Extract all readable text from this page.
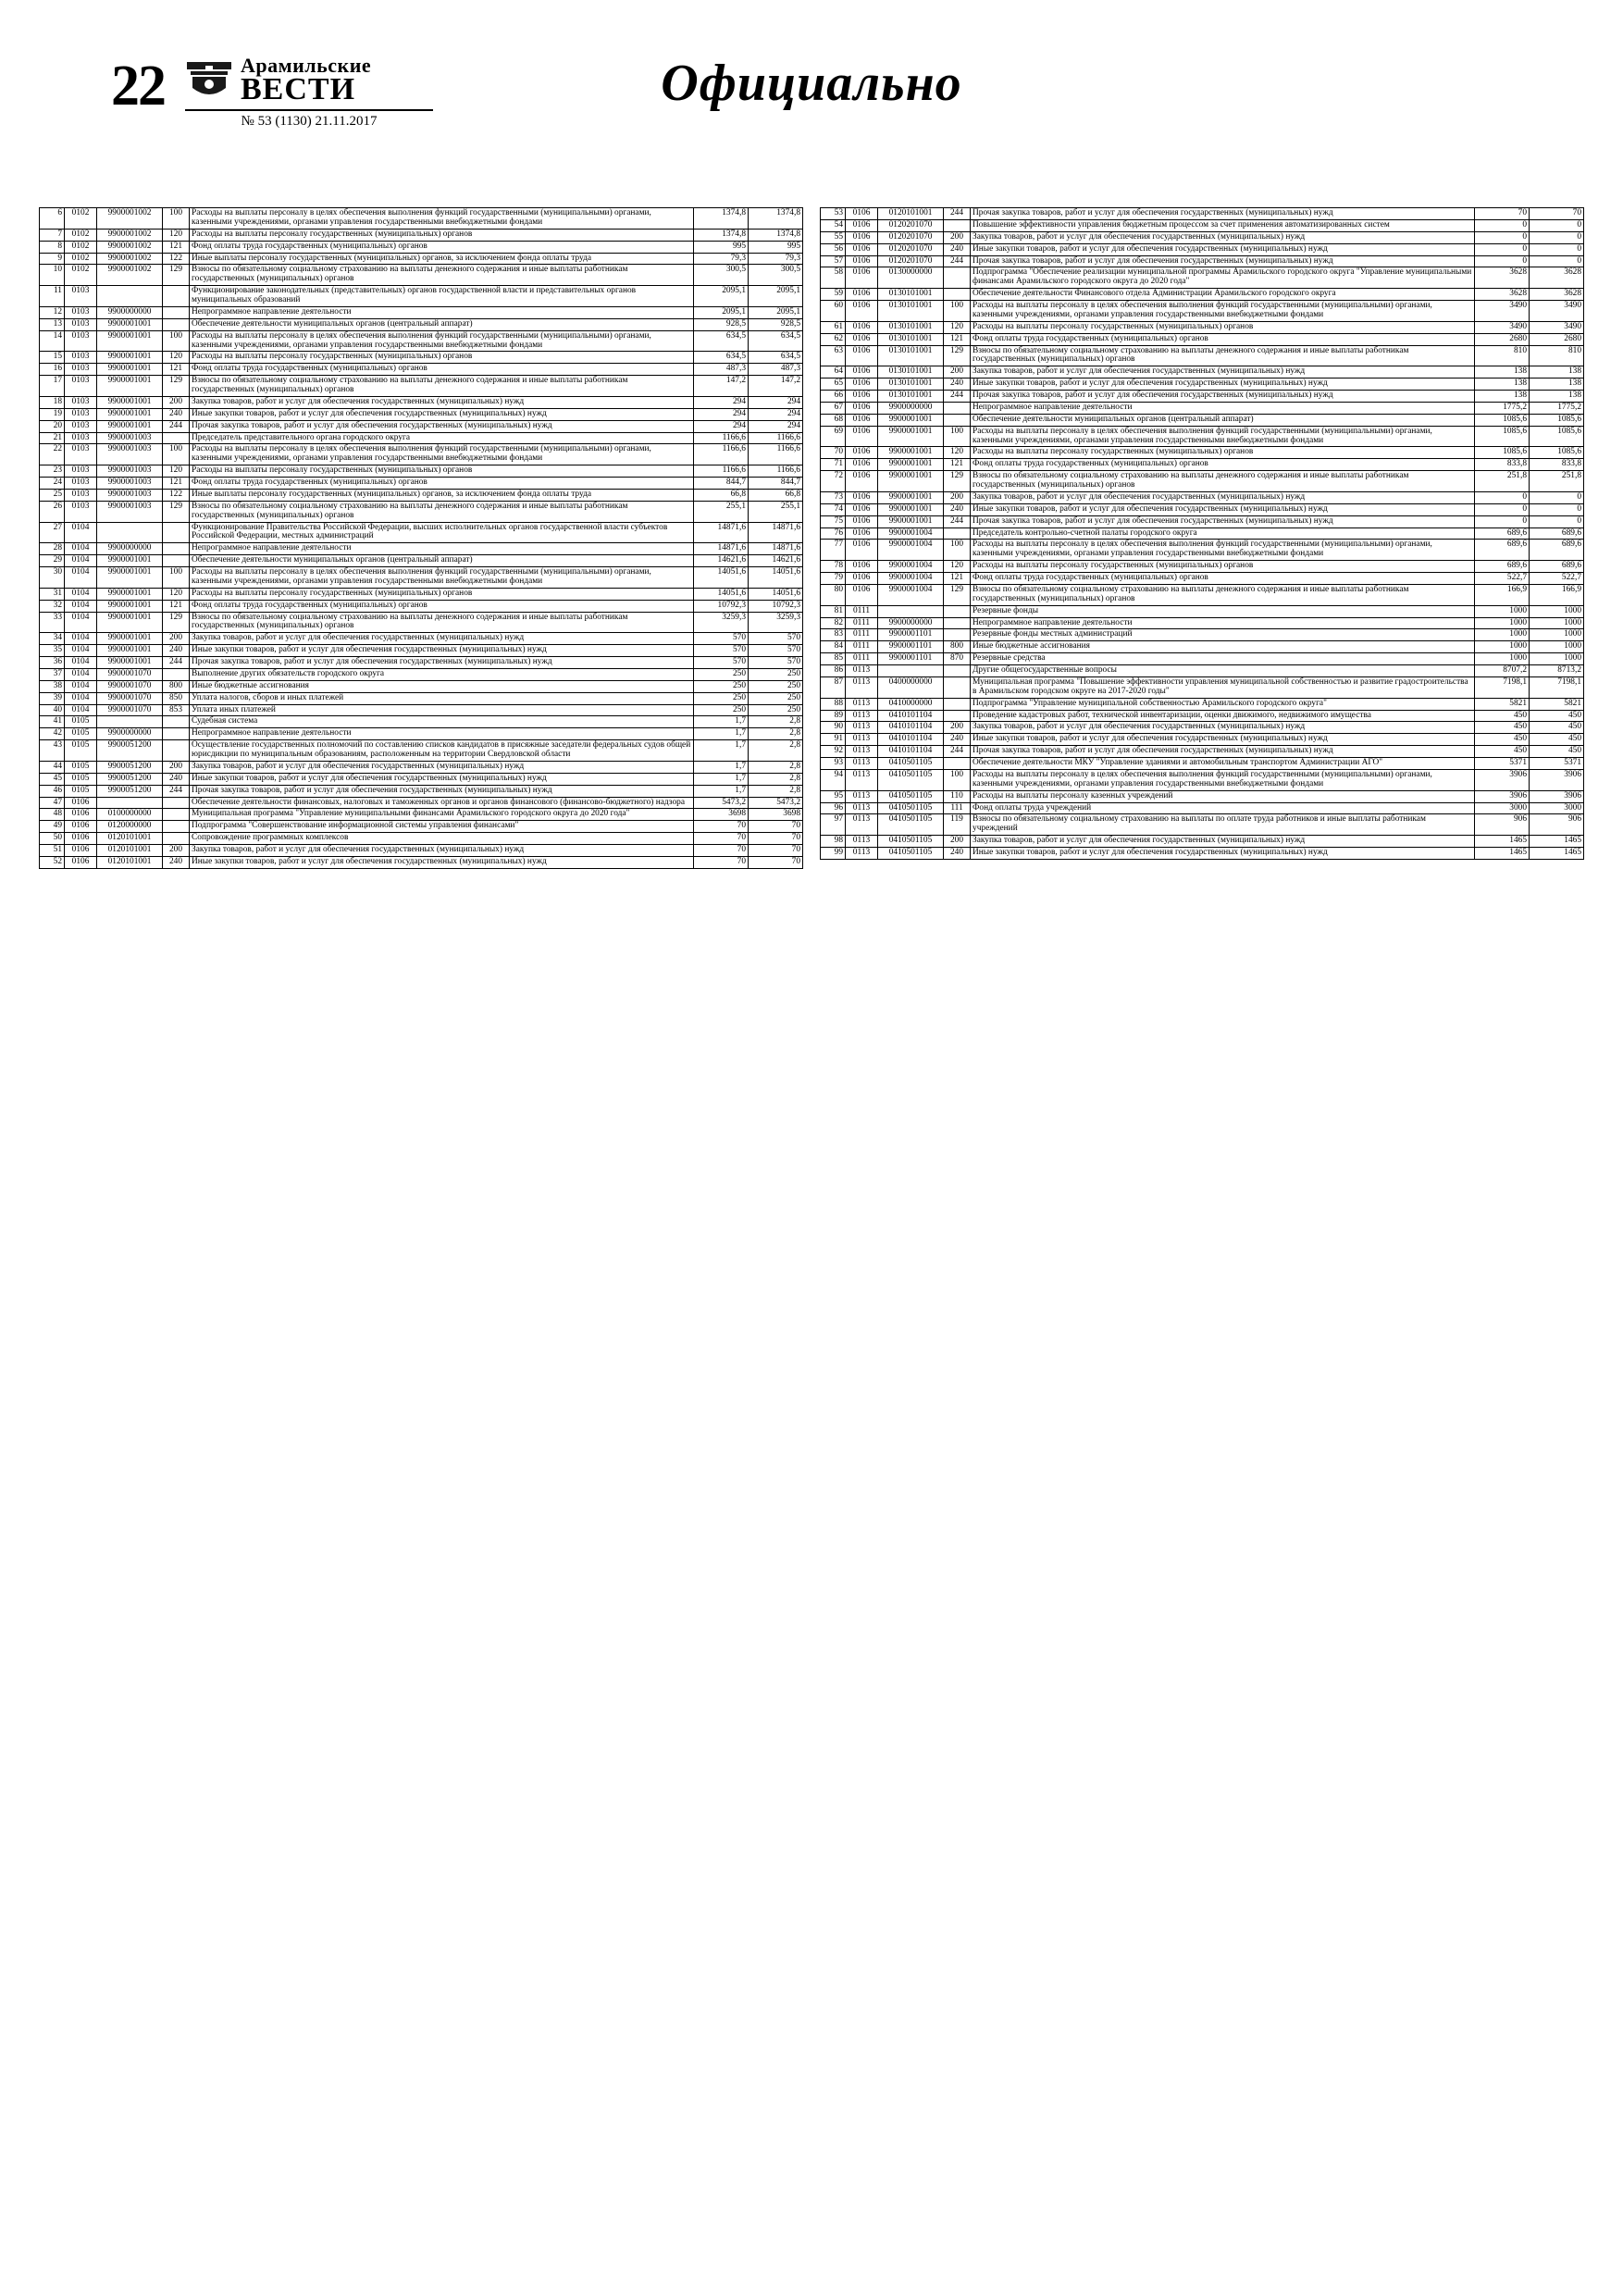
22	Арамильские
ВЕСТИ
№ 53 (1130) 21.11.2017
Официально
6	0102	9900001002	100	Расходы на выплаты персоналу в целях обеспечения выполнения функций государственными (муниципальными) органами, казенными учреждениями, органами управления государственными внебюджетными фондами	1374,8	1374,8
7	0102	9900001002	120	Расходы на выплаты персоналу государственных (муниципальных) органов	1374,8	1374,8
8	0102	9900001002	121	Фонд оплаты труда государственных (муниципальных) органов	995	995
9	0102	9900001002	122	Иные выплаты персоналу государственных (муниципальных) органов, за исключением фонда оплаты труда	79,3	79,3
10	0102	9900001002	129	Взносы по обязательному социальному страхованию на выплаты денежного содержания и иные выплаты работникам государственных (муниципальных) органов	300,5	300,5
11	0103			Функционирование законодательных (представительных) органов государственной власти и представительных органов муниципальных образований	2095,1	2095,1
12	0103	9900000000		Непрограммное направление деятельности	2095,1	2095,1
13	0103	9900001001		Обеспечение деятельности муниципальных органов (центральный аппарат)	928,5	928,5
14	0103	9900001001	100	Расходы на выплаты персоналу в целях обеспечения выполнения функций государственными (муниципальными) органами, казенными учреждениями, органами управления государственными внебюджетными фондами	634,5	634,5
15	0103	9900001001	120	Расходы на выплаты персоналу государственных (муниципальных) органов	634,5	634,5
16	0103	9900001001	121	Фонд оплаты труда государственных (муниципальных) органов	487,3	487,3
17	0103	9900001001	129	Взносы по обязательному социальному страхованию на выплаты денежного содержания и иные выплаты работникам государственных (муниципальных) органов	147,2	147,2
18	0103	9900001001	200	Закупка товаров, работ и услуг для обеспечения государственных (муниципальных) нужд	294	294
19	0103	9900001001	240	Иные закупки товаров, работ и услуг для обеспечения государственных (муниципальных) нужд	294	294
20	0103	9900001001	244	Прочая закупка товаров, работ и услуг для обеспечения государственных (муниципальных) нужд	294	294
21	0103	9900001003		Председатель представительного органа городского округа	1166,6	1166,6
22	0103	9900001003	100	Расходы на выплаты персоналу в целях обеспечения выполнения функций государственными (муниципальными) органами, казенными учреждениями, органами управления государственными внебюджетными фондами	1166,6	1166,6
23	0103	9900001003	120	Расходы на выплаты персоналу государственных (муниципальных) органов	1166,6	1166,6
24	0103	9900001003	121	Фонд оплаты труда государственных (муниципальных) органов	844,7	844,7
25	0103	9900001003	122	Иные выплаты персоналу государственных (муниципальных) органов, за исключением фонда оплаты труда	66,8	66,8
26	0103	9900001003	129	Взносы по обязательному социальному страхованию на выплаты денежного содержания и иные выплаты работникам государственных (муниципальных) органов	255,1	255,1
27	0104			Функционирование Правительства Российской Федерации, высших исполнительных органов государственной власти субъектов Российской Федерации, местных администраций	14871,6	14871,6
28	0104	9900000000		Непрограммное направление деятельности	14871,6	14871,6
29	0104	9900001001		Обеспечение деятельности муниципальных органов (центральный аппарат)	14621,6	14621,6
30	0104	9900001001	100	Расходы на выплаты персоналу в целях обеспечения выполнения функций государственными (муниципальными) органами, казенными учреждениями, органами управления государственными внебюджетными фондами	14051,6	14051,6
31	0104	9900001001	120	Расходы на выплаты персоналу государственных (муниципальных) органов	14051,6	14051,6
32	0104	9900001001	121	Фонд оплаты труда государственных (муниципальных) органов	10792,3	10792,3
33	0104	9900001001	129	Взносы по обязательному социальному страхованию на выплаты денежного содержания и иные выплаты работникам государственных (муниципальных) органов	3259,3	3259,3
34	0104	9900001001	200	Закупка товаров, работ и услуг для обеспечения государственных (муниципальных) нужд	570	570
35	0104	9900001001	240	Иные закупки товаров, работ и услуг для обеспечения государственных (муниципальных) нужд	570	570
36	0104	9900001001	244	Прочая закупка товаров, работ и услуг для обеспечения государственных (муниципальных) нужд	570	570
37	0104	9900001070		Выполнение других обязательств городского округа	250	250
38	0104	9900001070	800	Иные бюджетные ассигнования	250	250
39	0104	9900001070	850	Уплата налогов, сборов и иных платежей	250	250
40	0104	9900001070	853	Уплата иных платежей	250	250
41	0105			Судебная система	1,7	2,8
42	0105	9900000000		Непрограммное направление деятельности	1,7	2,8
43	0105	9900051200		Осуществление государственных полномочий по составлению списков кандидатов в присяжные заседатели федеральных судов общей юрисдикции по муниципальным образованиям, расположенным на территории Свердловской области	1,7	2,8
44	0105	9900051200	200	Закупка товаров, работ и услуг для обеспечения государственных (муниципальных) нужд	1,7	2,8
45	0105	9900051200	240	Иные закупки товаров, работ и услуг для обеспечения государственных (муниципальных) нужд	1,7	2,8
46	0105	9900051200	244	Прочая закупка товаров, работ и услуг для обеспечения государственных (муниципальных) нужд	1,7	2,8
47	0106			Обеспечение деятельности финансовых, налоговых и таможенных органов и органов финансового (финансово-бюджетного) надзора	5473,2	5473,2
48	0106	0100000000		Муниципальная программа "Управление муниципальными финансами Арамильского городского округа до 2020 года"	3698	3698
49	0106	0120000000		Подпрограмма "Совершенствование информационной системы управления финансами"	70	70
50	0106	0120101001		Сопровождение программных комплексов	70	70
51	0106	0120101001	200	Закупка товаров, работ и услуг для обеспечения государственных (муниципальных) нужд	70	70
52	0106	0120101001	240	Иные закупки товаров, работ и услуг для обеспечения государственных (муниципальных) нужд	70	70
53	0106	0120101001	244	Прочая закупка товаров, работ и услуг для обеспечения государственных (муниципальных) нужд	70	70
54	0106	0120201070		Повышение эффективности управления бюджетным процессом за счет применения автоматизированных систем	0	0
55	0106	0120201070	200	Закупка товаров, работ и услуг для обеспечения государственных (муниципальных) нужд	0	0
56	0106	0120201070	240	Иные закупки товаров, работ и услуг для обеспечения государственных (муниципальных) нужд	0	0
57	0106	0120201070	244	Прочая закупка товаров, работ и услуг для обеспечения государственных (муниципальных) нужд	0	0
58	0106	0130000000		Подпрограмма "Обеспечение реализации муниципальной программы Арамильского городского округа "Управление муниципальными финансами Арамильского городского округа до 2020 года"	3628	3628
59	0106	0130101001		Обеспечение деятельности Финансового отдела Администрации Арамильского городского округа	3628	3628
60	0106	0130101001	100	Расходы на выплаты персоналу в целях обеспечения выполнения функций государственными (муниципальными) органами, казенными учреждениями, органами управления государственными внебюджетными фондами	3490	3490
61	0106	0130101001	120	Расходы на выплаты персоналу государственных (муниципальных) органов	3490	3490
62	0106	0130101001	121	Фонд оплаты труда государственных (муниципальных) органов	2680	2680
63	0106	0130101001	129	Взносы по обязательному социальному страхованию на выплаты денежного содержания и иные выплаты работникам государственных (муниципальных) органов	810	810
64	0106	0130101001	200	Закупка товаров, работ и услуг для обеспечения государственных (муниципальных) нужд	138	138
65	0106	0130101001	240	Иные закупки товаров, работ и услуг для обеспечения государственных (муниципальных) нужд	138	138
66	0106	0130101001	244	Прочая закупка товаров, работ и услуг для обеспечения государственных (муниципальных) нужд	138	138
67	0106	9900000000		Непрограммное направление деятельности	1775,2	1775,2
68	0106	9900001001		Обеспечение деятельности муниципальных органов (центральный аппарат)	1085,6	1085,6
69	0106	9900001001	100	Расходы на выплаты персоналу в целях обеспечения выполнения функций государственными (муниципальными) органами, казенными учреждениями, органами управления государственными внебюджетными фондами	1085,6	1085,6
70	0106	9900001001	120	Расходы на выплаты персоналу государственных (муниципальных) органов	1085,6	1085,6
71	0106	9900001001	121	Фонд оплаты труда государственных (муниципальных) органов	833,8	833,8
72	0106	9900001001	129	Взносы по обязательному социальному страхованию на выплаты денежного содержания и иные выплаты работникам государственных (муниципальных) органов	251,8	251,8
73	0106	9900001001	200	Закупка товаров, работ и услуг для обеспечения государственных (муниципальных) нужд	0	0
74	0106	9900001001	240	Иные закупки товаров, работ и услуг для обеспечения государственных (муниципальных) нужд	0	0
75	0106	9900001001	244	Прочая закупка товаров, работ и услуг для обеспечения государственных (муниципальных) нужд	0	0
76	0106	9900001004		Председатель контрольно-счетной палаты городского округа	689,6	689,6
77	0106	9900001004	100	Расходы на выплаты персоналу в целях обеспечения выполнения функций государственными (муниципальными) органами, казенными учреждениями, органами управления государственными внебюджетными фондами	689,6	689,6
78	0106	9900001004	120	Расходы на выплаты персоналу государственных (муниципальных) органов	689,6	689,6
79	0106	9900001004	121	Фонд оплаты труда государственных (муниципальных) органов	522,7	522,7
80	0106	9900001004	129	Взносы по обязательному социальному страхованию на выплаты денежного содержания и иные выплаты работникам государственных (муниципальных) органов	166,9	166,9
81	0111			Резервные фонды	1000	1000
82	0111	9900000000		Непрограммное направление деятельности	1000	1000
83	0111	9900001101		Резервные фонды местных администраций	1000	1000
84	0111	9900001101	800	Иные бюджетные ассигнования	1000	1000
85	0111	9900001101	870	Резервные средства	1000	1000
86	0113			Другие общегосударственные вопросы	8707,2	8713,2
87	0113	0400000000		Муниципальная программа "Повышение эффективности управления муниципальной собственностью и развитие градостроительства в Арамильском городском округе на 2017-2020 годы"	7198,1	7198,1
88	0113	0410000000		Подпрограмма "Управление муниципальной собственностью Арамильского городского округа"	5821	5821
89	0113	0410101104		Проведение кадастровых работ, технической инвентаризации, оценки движимого, недвижимого имущества	450	450
90	0113	0410101104	200	Закупка товаров, работ и услуг для обеспечения государственных (муниципальных) нужд	450	450
91	0113	0410101104	240	Иные закупки товаров, работ и услуг для обеспечения государственных (муниципальных) нужд	450	450
92	0113	0410101104	244	Прочая закупка товаров, работ и услуг для обеспечения государственных (муниципальных) нужд	450	450
93	0113	0410501105		Обеспечение деятельности МКУ "Управление зданиями и автомобильным транспортом Администрации АГО"	5371	5371
94	0113	0410501105	100	Расходы на выплаты персоналу в целях обеспечения выполнения функций государственными (муниципальными) органами, казенными учреждениями, органами управления государственными внебюджетными фондами	3906	3906
95	0113	0410501105	110	Расходы на выплаты персоналу казенных учреждений	3906	3906
96	0113	0410501105	111	Фонд оплаты труда учреждений	3000	3000
97	0113	0410501105	119	Взносы по обязательному социальному страхованию на выплаты по оплате труда работников и иные выплаты работникам учреждений	906	906
98	0113	0410501105	200	Закупка товаров, работ и услуг для обеспечения государственных (муниципальных) нужд	1465	1465
99	0113	0410501105	240	Иные закупки товаров, работ и услуг для обеспечения государственных (муниципальных) нужд	1465	1465
